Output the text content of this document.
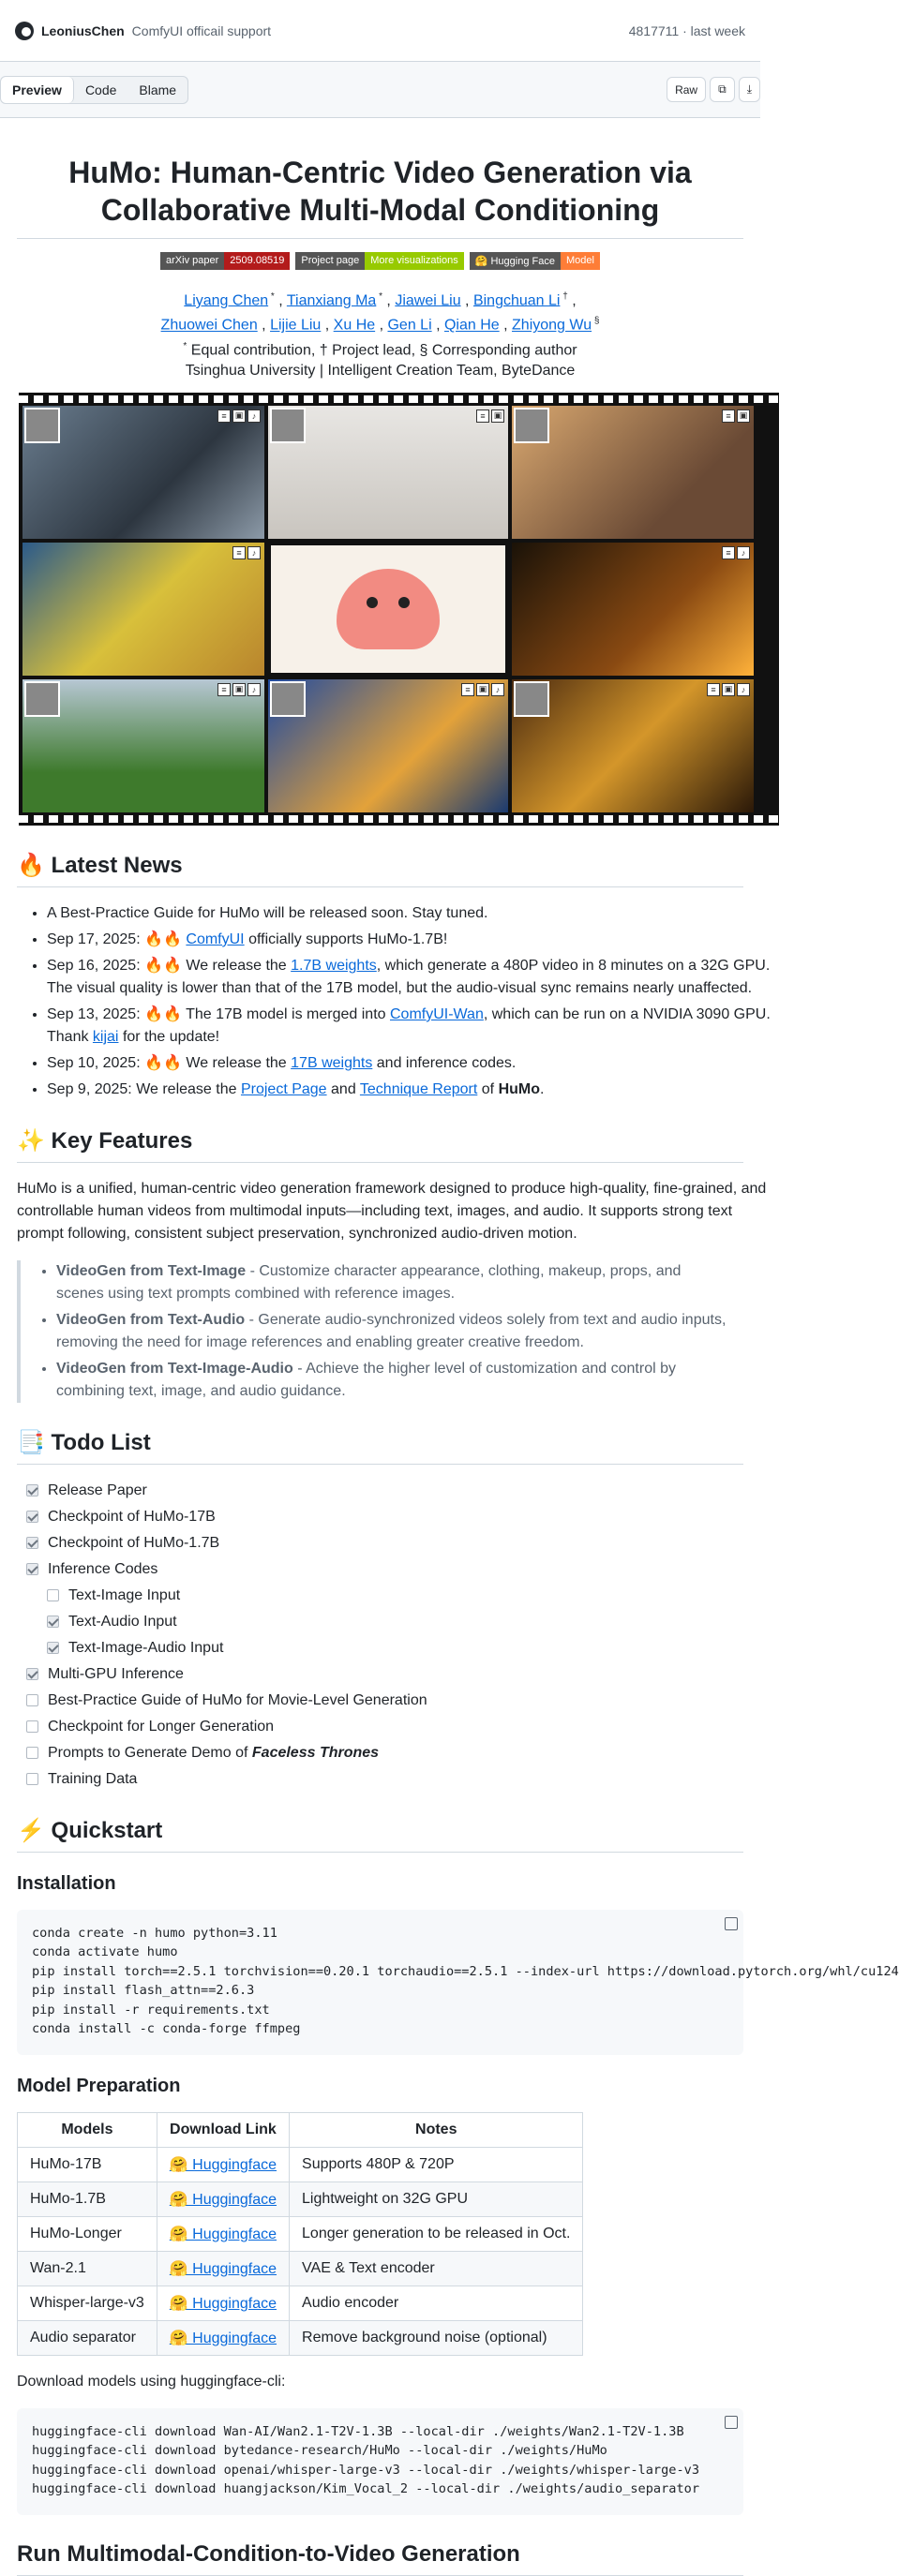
LeoniusChen ComfyUI officail support	4817711 · last week
Preview	Code	Blame	Raw	⧉	⤓
HuMo: Human-Centric Video Generation via Collaborative Multi-Modal Conditioning
arXiv paper	2509.08519	Project page	More visualizations	🤗 Hugging Face	Model
Liyang Chen * , Tianxiang Ma * , Jiawei Liu , Bingchuan Li † ,
Zhuowei Chen , Lijie Liu , Xu He , Gen Li , Qian He , Zhiyong Wu §
* Equal contribution, † Project lead, § Corresponding author
Tsinghua University | Intelligent Creation Team, ByteDance
≡	▣	♪	≡	▣	≡	▣
≡	♪	≡	♪
≡	▣	♪	≡	▣	♪	≡	▣	♪
🔥 Latest News
• A Best-Practice Guide for HuMo will be released soon. Stay tuned.
• Sep 17, 2025: 🔥🔥 ComfyUI officially supports HuMo-1.7B!
• Sep 16, 2025: 🔥🔥 We release the 1.7B weights, which generate a 480P video in 8 minutes on a 32G GPU. The visual quality is lower than that of the 17B model, but the audio-visual sync remains nearly unaffected.
• Sep 13, 2025: 🔥🔥 The 17B model is merged into ComfyUI-Wan, which can be run on a NVIDIA 3090 GPU. Thank kijai for the update!
• Sep 10, 2025: 🔥🔥 We release the 17B weights and inference codes.
• Sep 9, 2025: We release the Project Page and Technique Report of HuMo.
✨ Key Features

HuMo is a unified, human-centric video generation framework designed to produce high-quality, fine-grained, and controllable human videos from multimodal inputs—including text, images, and audio. It supports strong text prompt following, consistent subject preservation, synchronized audio-driven motion.

• VideoGen from Text-Image - Customize character appearance, clothing, makeup, props, and scenes using text prompts combined with reference images.
• VideoGen from Text-Audio - Generate audio-synchronized videos solely from text and audio inputs, removing the need for image references and enabling greater creative freedom.
• VideoGen from Text-Image-Audio - Achieve the higher level of customization and control by combining text, image, and audio guidance.
📑 Todo List
Release Paper
Checkpoint of HuMo-17B
Checkpoint of HuMo-1.7B
Inference Codes
Text-Image Input
Text-Audio Input
Text-Image-Audio Input
Multi-GPU Inference
Best-Practice Guide of HuMo for Movie-Level Generation
Checkpoint for Longer Generation
Prompts to Generate Demo of
Faceless Thrones
Training Data
⚡️ Quickstart
Installation
conda create -n humo python=3.11
conda activate humo
pip install torch==2.5.1 torchvision==0.20.1 torchaudio==2.5.1 --index-url https://download.pytorch.org/whl/cu124
pip install flash_attn==2.6.3
pip install -r requirements.txt
conda install -c conda-forge ffmpeg
Model Preparation
Models	Download Link	Notes
HuMo-17B	🤗 Huggingface	Supports 480P & 720P
HuMo-1.7B	🤗 Huggingface	Lightweight on 32G GPU
HuMo-Longer	🤗 Huggingface	Longer generation to be released in Oct.
Wan-2.1	🤗 Huggingface	VAE & Text encoder
Whisper-large-v3	🤗 Huggingface	Audio encoder
Audio separator	🤗 Huggingface	Remove background noise (optional)

Download models using huggingface-cli:

huggingface-cli download Wan-AI/Wan2.1-T2V-1.3B --local-dir ./weights/Wan2.1-T2V-1.3B
huggingface-cli download bytedance-research/HuMo --local-dir ./weights/HuMo
huggingface-cli download openai/whisper-large-v3 --local-dir ./weights/whisper-large-v3
huggingface-cli download huangjackson/Kim_Vocal_2 --local-dir ./weights/audio_separator
Run Multimodal-Condition-to-Video Generation
